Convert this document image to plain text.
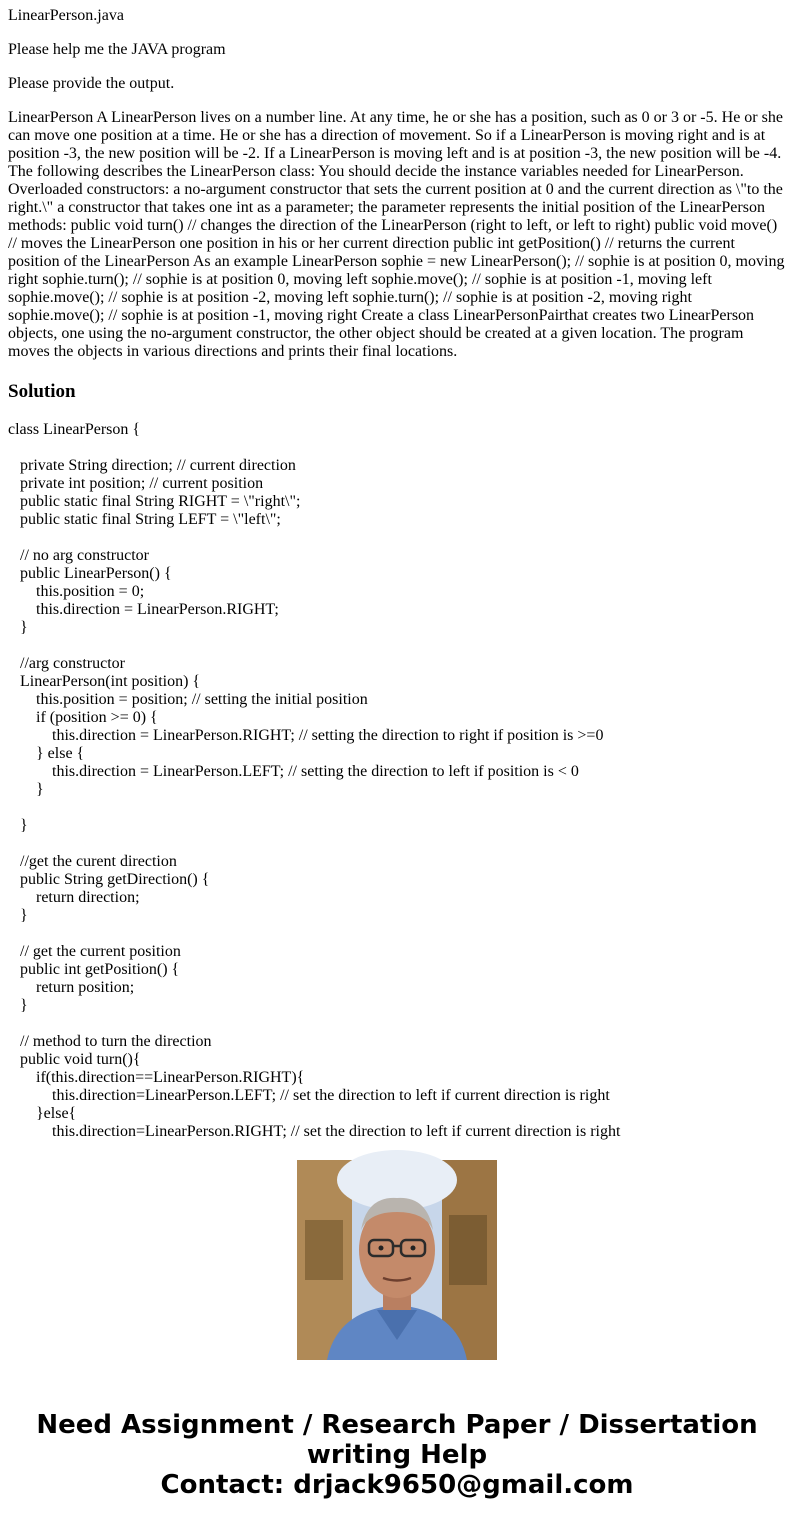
LinearPerson.java

Please help me the JAVA program

Please provide the output.

LinearPerson A LinearPerson lives on a number line. At any time, he or she has a position, such as 0 or 3 or -5. He or she can move one position at a time. He or she has a direction of movement. So if a LinearPerson is moving right and is at position -3, the new position will be -2. If a LinearPerson is moving left and is at position -3, the new position will be -4. The following describes the LinearPerson class: You should decide the instance variables needed for LinearPerson. Overloaded constructors: a no-argument constructor that sets the current position at 0 and the current direction as \"to the right.\" a constructor that takes one int as a parameter; the parameter represents the initial position of the LinearPerson methods: public void turn() // changes the direction of the LinearPerson (right to left, or left to right) public void move() // moves the LinearPerson one position in his or her current direction public int getPosition() // returns the current position of the LinearPerson As an example LinearPerson sophie = new LinearPerson(); // sophie is at position 0, moving right sophie.turn(); // sophie is at position 0, moving left sophie.move(); // sophie is at position -1, moving left sophie.move(); // sophie is at position -2, moving left sophie.turn(); // sophie is at position -2, moving right sophie.move(); // sophie is at position -1, moving right Create a class LinearPersonPairthat creates two LinearPerson objects, one using the no-argument constructor, the other object should be created at a given location. The program moves the objects in various directions and prints their final locations.

Solution
class LinearPerson {

private String direction; // current direction
private int position; // current position
public static final String RIGHT = \"right\";
public static final String LEFT = \"left\";

// no arg constructor
public LinearPerson() {
this.position = 0;
this.direction = LinearPerson.RIGHT;
}

//arg constructor
LinearPerson(int position) {
this.position = position; // setting the initial position
if (position >= 0) {
this.direction = LinearPerson.RIGHT; // setting the direction to right if position is >=0
} else {
this.direction = LinearPerson.LEFT; // setting the direction to left if position is < 0
}

}

//get the curent direction
public String getDirection() {
return direction;
}

// get the current position
public int getPosition() {
return position;
}

// method to turn the direction
public void turn(){
if(this.direction==LinearPerson.RIGHT){
this.direction=LinearPerson.LEFT; // set the direction to left if current direction is right
}else{
this.direction=LinearPerson.RIGHT; // set the direction to left if current direction is right
Need Assignment / Research Paper / Dissertation
writing Help
Contact: drjack9650@gmail.com
